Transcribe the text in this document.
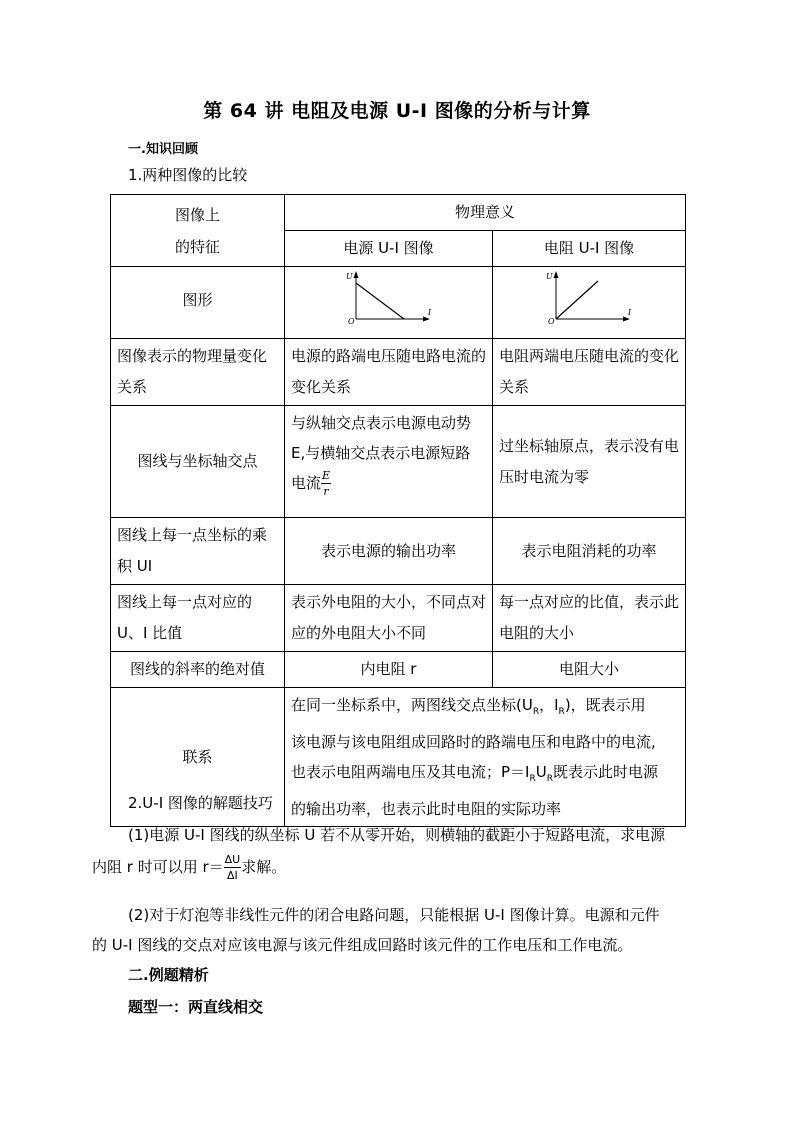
第 64 讲 电阻及电源 U-I 图像的分析与计算
一.知识回顾
1.两种图像的比较
图像上
的特征	物理意义	
	电源 U-I 图像	电阻 U-I 图像
图形	U
O
I	U
O
I

图像表示的物理量变化关系	电源的路端电压随电路电流的变化关系	电阻两端电压随电流的变化关系
图线与坐标轴交点	与纵轴交点表示电源电动势
E,与横轴交点表示电源短路
电流 $\frac{E}{r}$	过坐标轴原点，表示没有电压时电流为零
图线上每一点坐标的乘积 UI	表示电源的输出功率	表示电阻消耗的功率
图线上每一点对应的 U、I 比值	表示外电阻的大小，不同点对应的外电阻大小不同	每一点对应的比值，表示此电阻的大小
图线的斜率的绝对值	内电阻 r	电阻大小
联系	在同一坐标系中，两图线交点坐标($U_R$，$I_R$)，既表示用
该电源与该电阻组成回路时的路端电压和电路中的电流,
也表示电阻两端电压及其电流；$P=I_RU_R$既表示此时电源
的输出功率，也表示此时电阻的实际功率	
2.U-I 图像的解题技巧
(1)电源 U-I 图线的纵坐标 U 若不从零开始，则横轴的截距小于短路电流，求电源
内阻 r 时可以用 $r= \frac{\Delta U}{\Delta I}$ 求解。
(2)对于灯泡等非线性元件的闭合电路问题，只能根据 U-I 图像计算。电源和元件
的 U-I 图线的交点对应该电源与该元件组成回路时该元件的工作电压和工作电流。
二.例题精析
题型一：两直线相交
